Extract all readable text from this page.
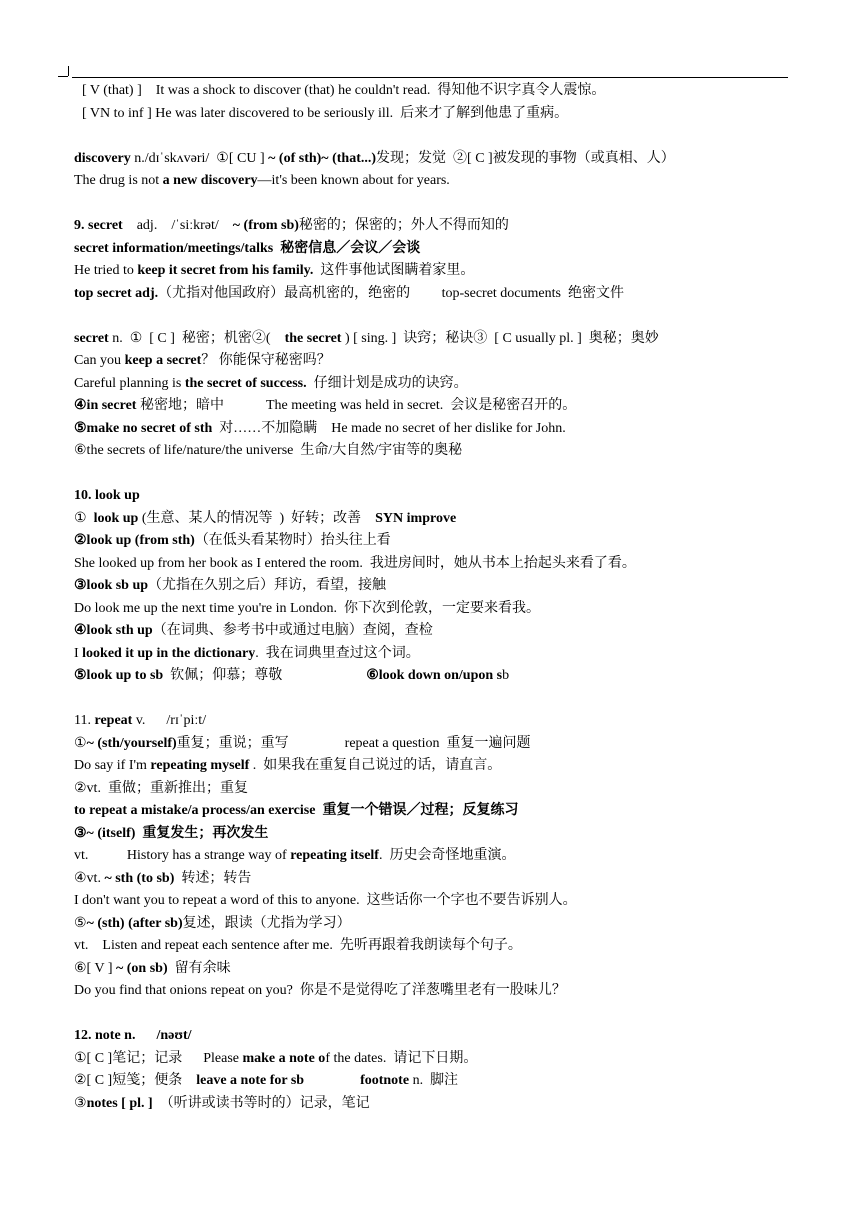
[ V (that) ]    It was a shock to discover (that) he couldn't read.  得知他不识字真令人震惊。
[ VN to inf ] He was later discovered to be seriously ill.  后来才了解到他患了重病。
discovery n./dɪˈskʌvəri/  ①[ CU ] ~ (of sth)~ (that...)发现；发觉  ②[ C ]被发现的事物（或真相、人）
The drug is not a new discovery—it's been known about for years.
9. secret    adj.    /ˈsiːkrət/    ~ (from sb)秘密的；保密的；外人不得而知的
secret information/meetings/talks  秘密信息／会议／会谈
He tried to keep it secret from his family.  这件事他试图瞒着家里。
top secret adj.（尤指对他国政府）最高机密的，绝密的         top-secret documents  绝密文件
secret n.  ①  [ C ]  秘密；机密②(    the secret ) [ sing. ]  诀窍；秘诀③  [ C usually pl. ]  奥秘；奥妙
Can you keep a secret？ 你能保守秘密吗？
Careful planning is the secret of success.  仔细计划是成功的诀窍。
④in secret 秘密地；暗中            The meeting was held in secret.  会议是秘密召开的。
⑤make no secret of sth  对……不加隐瞒    He made no secret of her dislike for John.
⑥the secrets of life/nature/the universe  生命/大自然/宇宙等的奥秘
10. look up
①  look up (生意、某人的情况等  )  好转；改善    SYN improve
②look up (from sth)（在低头看某物时）抬头往上看
She looked up from her book as I entered the room.  我进房间时，她从书本上抬起头来看了看。
③look sb up（尤指在久别之后）拜访，看望，接触
Do look me up the next time you're in London.  你下次到伦敦，一定要来看我。
④look sth up（在词典、参考书中或通过电脑）查阅，查检
I looked it up in the dictionary.  我在词典里查过这个词。
⑤look up to sb  钦佩；仰慕；尊敬                        ⑥look down on/upon sb
11. repeat v.      /rɪˈpiːt/
①~ (sth/yourself)重复；重说；重写                repeat a question  重复一遍问题
Do say if I'm repeating myself .  如果我在重复自己说过的话，请直言。
②vt.  重做；重新推出；重复
to repeat a mistake/a process/an exercise  重复一个错误／过程；反复练习
③~ (itself)  重复发生；再次发生
vt.           History has a strange way of repeating itself.  历史会奇怪地重演。
④vt. ~ sth (to sb)  转述；转告
I don't want you to repeat a word of this to anyone.  这些话你一个字也不要告诉别人。
⑤~ (sth) (after sb)复述，跟读（尤指为学习）
vt.    Listen and repeat each sentence after me.  先听再跟着我朗读每个句子。
⑥[ V ] ~ (on sb)  留有余味
Do you find that onions repeat on you?  你是不是觉得吃了洋葱嘴里老有一股味儿？
12. note n.      /nəʊt/
①[ C ]笔记；记录      Please make a note of the dates.  请记下日期。
②[ C ]短笺；便条    leave a note for sb	footnote n.  脚注
③notes [ pl. ]  （听讲或读书等时的）记录，笔记
